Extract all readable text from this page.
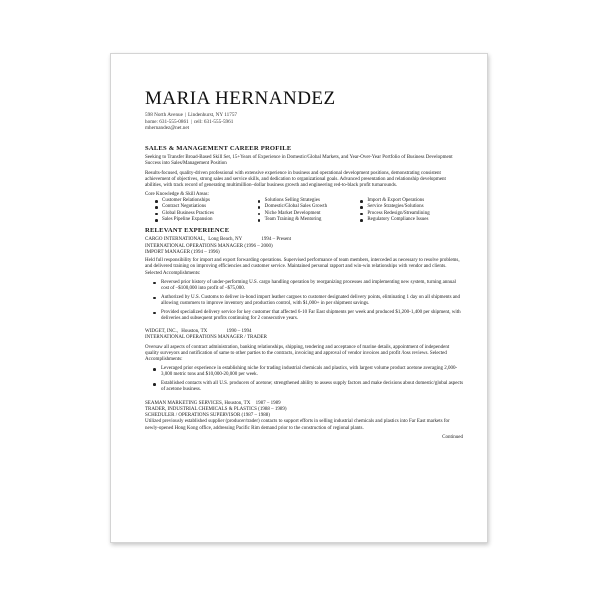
MARIA HERNANDEZ
598 North Avenue | Lindenhurst, NY 11757
home: 631-555-0861 | cell: 631-555-5961
mhernandez@net.net
SALES & MANAGEMENT CAREER PROFILE

Seeking to Transfer Broad-Based Skill Set, 15+Years of Experience in Domestic/Global Markets, and Year-Over-Year Portfolio of Business Development Success into Sales/Management Position

Results-focused, quality-driven professional with extensive experience in business and operational development positions, demonstrating consistent achievement of objectives, strong sales and service skills, and dedication to organizational goals. Advanced presentation and relationship development abilities, with track record of generating multimillion–dollar business growth and engineering red-to-black profit turnarounds.

Core Knowledge & Skill Areas:
Customer Relationships
Contract Negotiations
Global Business Practices
Sales Pipeline Expansion
Solutions Selling Strategies
Domestic/Global Sales Growth
Niche Market Development
Team Training & Mentoring
Import & Export Operations
Service Strategies/Solutions
Process Redesign/Streamlining
Regulatory Compliance Issues
RELEVANT EXPERIENCE
CARGO INTERNATIONAL, Long Beach, NY	1994 – Present
INTERNATIONAL OPERATIONS MANAGER (1996 – 2000)
IMPORT MANAGER (1994 – 1996)

Held full responsibility for import and export forwarding operations. Supervised performance of team members, interceded as necessary to resolve problems, and delivered training on improving efficiencies and customer service. Maintained personal rapport and win-win relationships with vendor and clients. Selected Accomplishments:

Reversed prior history of under-performing U.S. cargo handling operation by reorganizing processes and implementing new system, turning annual cost of –$100,000 into profit of –$75,000.
Authorized by U.S. Customs to deliver in-bond import leather cargoes to customer designated delivery points, eliminating 1 day on all shipments and allowing customers to improve inventory and production control, with $1,000+ in per shipment savings.
Provided specialized delivery service for key customer that affected 6-10 Far East shipments per week and produced $1,200-1,400 per shipment, with deliveries and subsequent profits continuing for 2 consecutive years.
WIDGET, INC., Houston, TX	1990 – 1994
INTERNATIONAL OPERATIONS MANAGER / TRADER

Oversaw all aspects of contract administration, banking relationships, shipping, tendering and acceptance of marine details, appointment of independent quality surveyors and notification of same to other parties to the contracts, invoicing and approval of vendor invoices and profit /loss reviews. Selected Accomplishments:

Leveraged prior experience in establishing niche for trading industrial chemicals and plastics, with largest volume product acetone averaging 2,000-3,000 metric tons and $10,000-20,000 per week.
Established contacts with all U.S. producers of acetone; strengthened ability to assess supply factors and make decisions about domestic/global aspects of acetone business.
SEAMAN MARKETING SERVICES, Houston, TX 1987 – 1989
TRADER, INDUSTRIAL CHEMICALS & PLASTICS (1988 – 1989)
SCHEDULER / OPERATIONS SUPERVISOR (1987 – 1988)

Utilized previously established supplier (producer/trader) contacts to support efforts in selling industrial chemicals and plastics into Far East markets for newly-opened Hong Kong office, addressing Pacific Rim demand prior to the construction of regional plants.

Continued
